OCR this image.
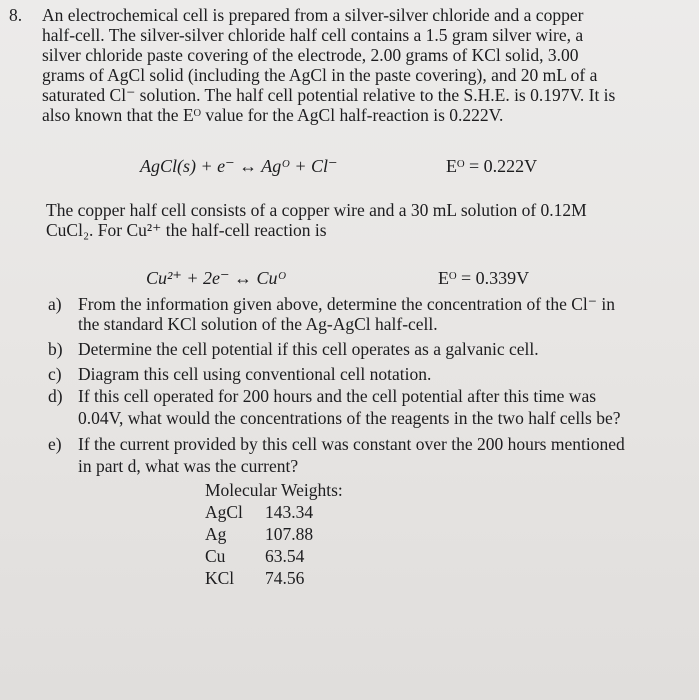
8. An electrochemical cell is prepared from a silver-silver chloride and a copper
half-cell. The silver-silver chloride half cell contains a 1.5 gram silver wire, a
silver chloride paste covering of the electrode, 2.00 grams of KCl solid, 3.00
grams of AgCl solid (including the AgCl in the paste covering), and 20 mL of a
saturated Cl⁻ solution. The half cell potential relative to the S.H.E. is 0.197V. It is
also known that the Eᴼ value for the AgCl half-reaction is 0.222V.
AgCl(s) + e⁻ ↔ Agᴼ + Cl⁻	Eᴼ = 0.222V
The copper half cell consists of a copper wire and a 30 mL solution of 0.12M
CuCl₂. For Cu²⁺ the half-cell reaction is
Cu²⁺ + 2e⁻ ↔ Cuᴼ	Eᴼ = 0.339V
a) From the information given above, determine the concentration of the Cl⁻ in
the standard KCl solution of the Ag-AgCl half-cell.
b) Determine the cell potential if this cell operates as a galvanic cell.
c) Diagram this cell using conventional cell notation.
d) If this cell operated for 200 hours and the cell potential after this time was
0.04V, what would the concentrations of the reagents in the two half cells be?
e) If the current provided by this cell was constant over the 200 hours mentioned
in part d, what was the current?
Molecular Weights:
AgCl 143.34
Ag 107.88
Cu 63.54
KCl 74.56
